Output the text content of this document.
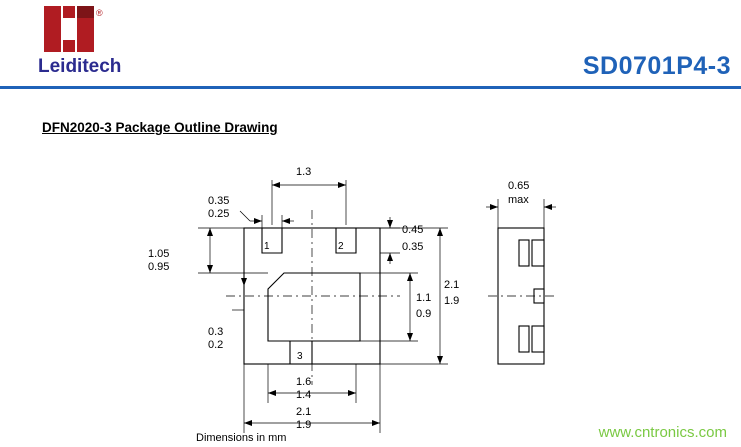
®
Leiditech	SD0701P4-3
DFN2020-3 Package Outline Drawing
1.3
0.35
0.25
1.05
0.95
0.45
0.35
1.1
0.9
2.1
1.9
0.3
0.2
1.6
1.4
2.1
1.9
0.65
max
1	2
3
Dimensions in mm	www.cntronics.com
